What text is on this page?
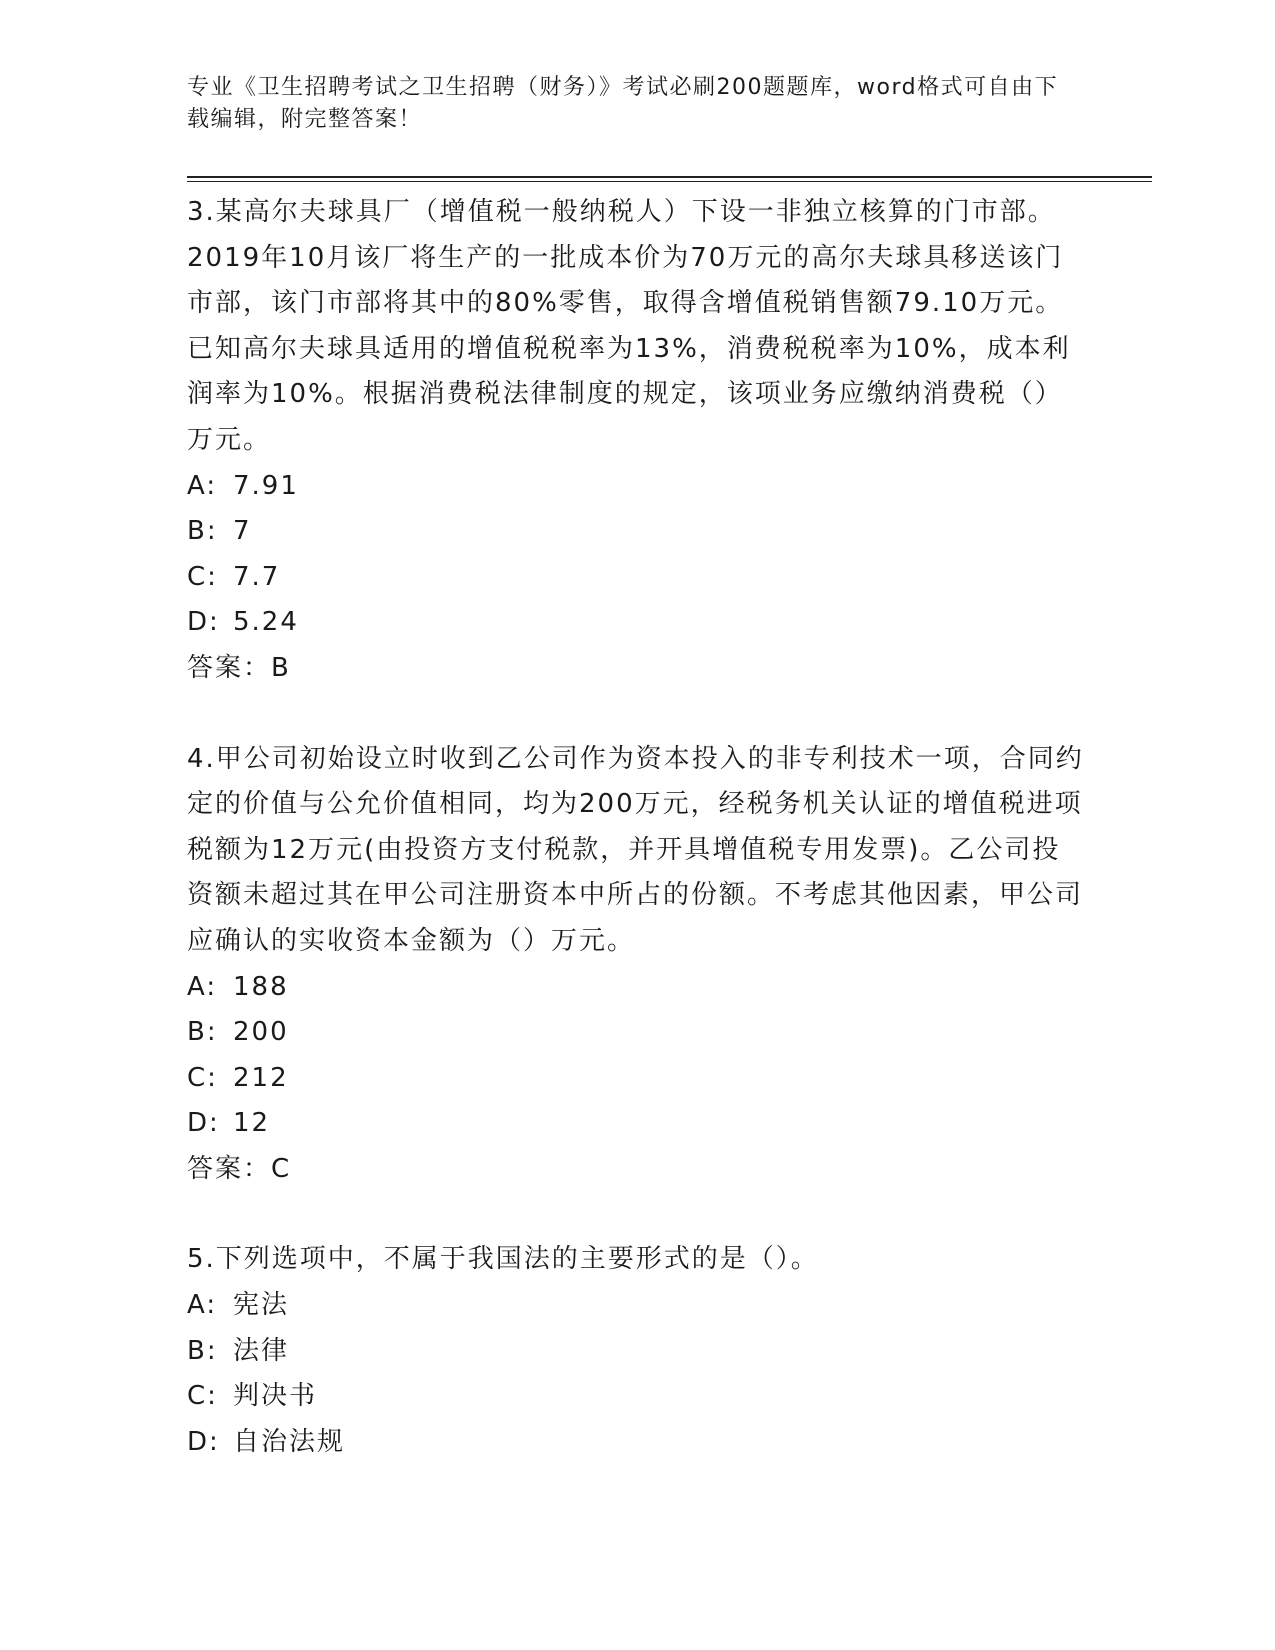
专业《卫生招聘考试之卫生招聘（财务）》考试必刷200题题库，word格式可自由下载编辑，附完整答案！

3.某高尔夫球具厂（增值税一般纳税人）下设一非独立核算的门市部。2019年10月该厂将生产的一批成本价为70万元的高尔夫球具移送该门市部，该门市部将其中的80%零售，取得含增值税销售额79.10万元。已知高尔夫球具适用的增值税税率为13%，消费税税率为10%，成本利润率为10%。根据消费税法律制度的规定，该项业务应缴纳消费税（）万元。

A: 7.91
B: 7
C: 7.7
D: 5.24
答案：B

4.甲公司初始设立时收到乙公司作为资本投入的非专利技术一项，合同约定的价值与公允价值相同，均为200万元，经税务机关认证的增值税进项税额为12万元(由投资方支付税款，并开具增值税专用发票)。乙公司投资额未超过其在甲公司注册资本中所占的份额。不考虑其他因素，甲公司应确认的实收资本金额为（）万元。

A: 188
B: 200
C: 212
D: 12
答案：C

5.下列选项中，不属于我国法的主要形式的是（）。

A: 宪法
B: 法律
C: 判决书
D: 自治法规
